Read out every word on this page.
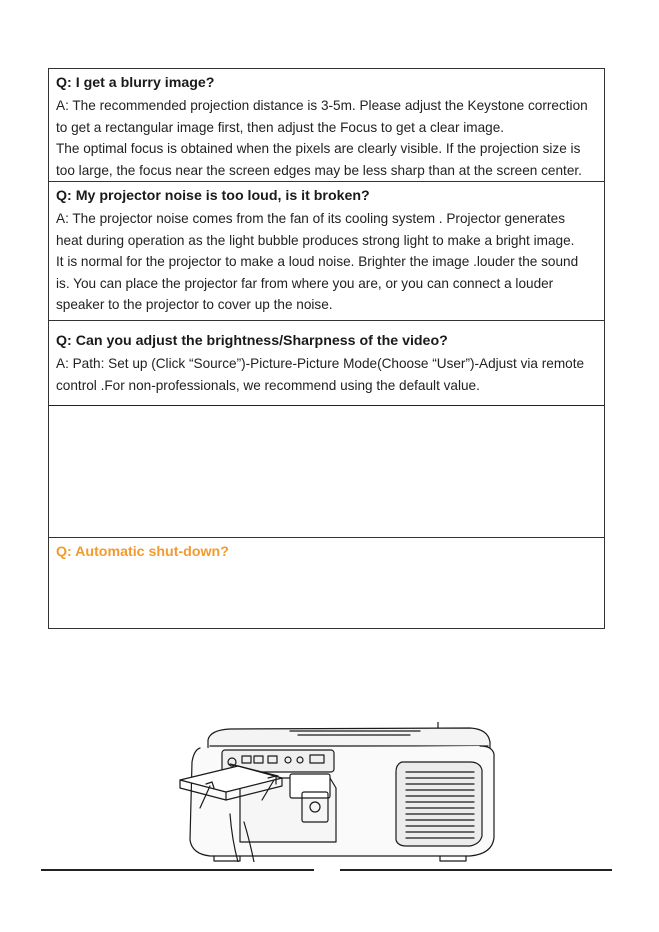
Q: I get a blurry image?

A: The recommended projection distance is 3-5m. Please adjust the Keystone correction
to get a rectangular image first, then adjust the Focus to get a clear image.
The optimal focus is obtained when the pixels are clearly visible. If the projection size is
too large, the focus near the screen edges may be less sharp than at the screen center.

Q: My projector noise is too loud, is it broken?

A: The projector noise comes from the fan of its cooling system . Projector generates
heat during operation as the light bubble produces strong light to make a bright image.
It is normal for the projector to make a loud noise. Brighter the image .louder the sound
is. You can place the projector far from where you are, or you can connect a louder
speaker to the projector to cover up the noise.

Q: Can you adjust the brightness/Sharpness of the video?

A: Path: Set up (Click “Source”)-Picture-Picture Mode(Choose “User”)-Adjust via remote
control .For non-professionals, we recommend using the default value.

Q: Automatic shut-down?
